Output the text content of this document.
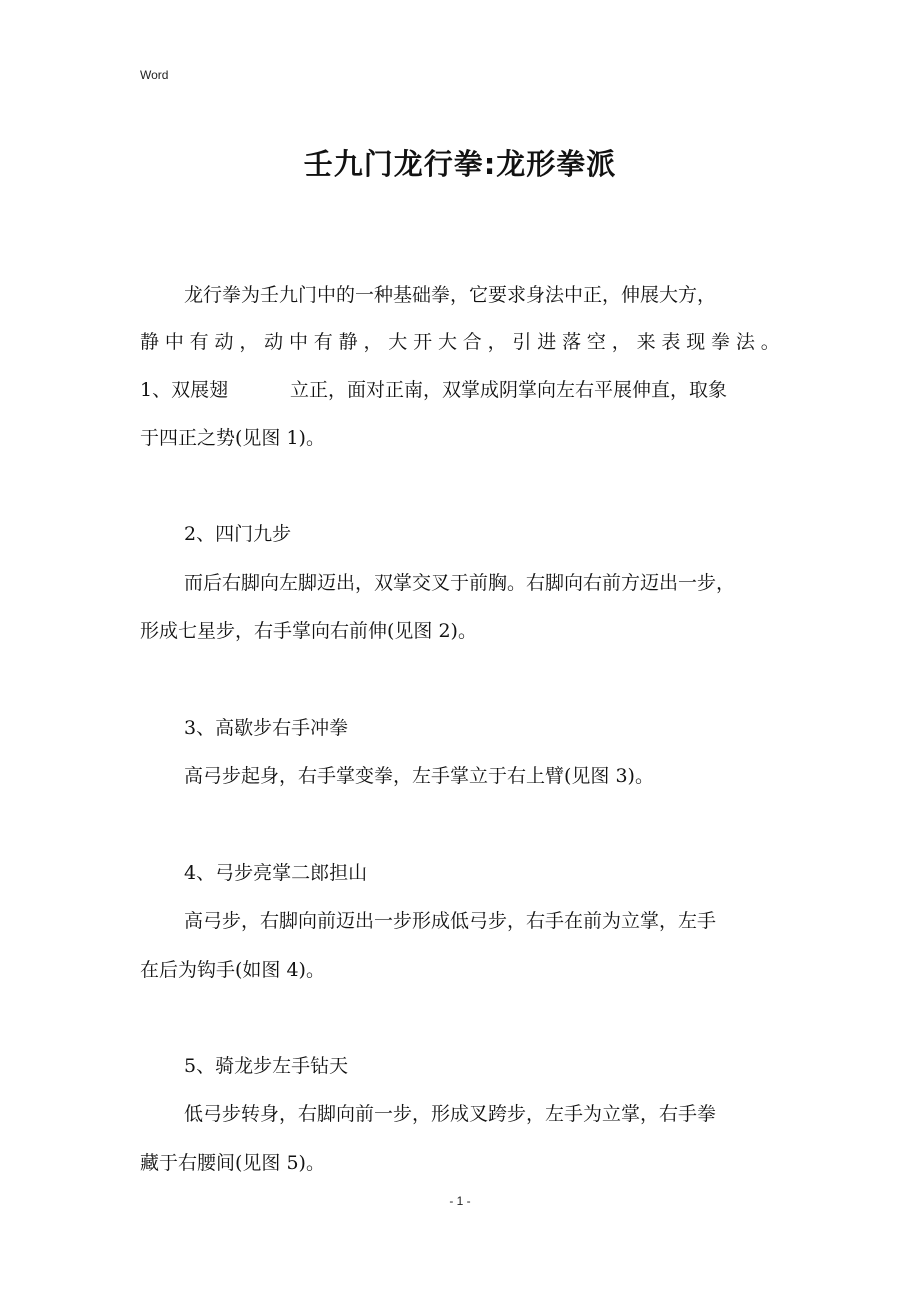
Word
壬九门龙行拳:龙形拳派
龙行拳为壬九门中的一种基础拳，它要求身法中正，伸展大方，
静 中 有 动 ， 动 中 有 静 ， 大 开 大 合 ， 引 进 落 空 ， 来 表 现 拳 法 。
1、双展翅	立正，面对正南，双掌成阴掌向左右平展伸直，取象
于四正之势(见图 1)。
2、四门九步
而后右脚向左脚迈出，双掌交叉于前胸。右脚向右前方迈出一步，
形成七星步，右手掌向右前伸(见图 2)。
3、高歇步右手冲拳
高弓步起身，右手掌变拳，左手掌立于右上臂(见图 3)。
4、弓步亮掌二郎担山
高弓步，右脚向前迈出一步形成低弓步，右手在前为立掌，左手
在后为钩手(如图 4)。
5、骑龙步左手钻天
低弓步转身，右脚向前一步，形成叉跨步，左手为立掌，右手拳
藏于右腰间(见图 5)。
- 1 -
